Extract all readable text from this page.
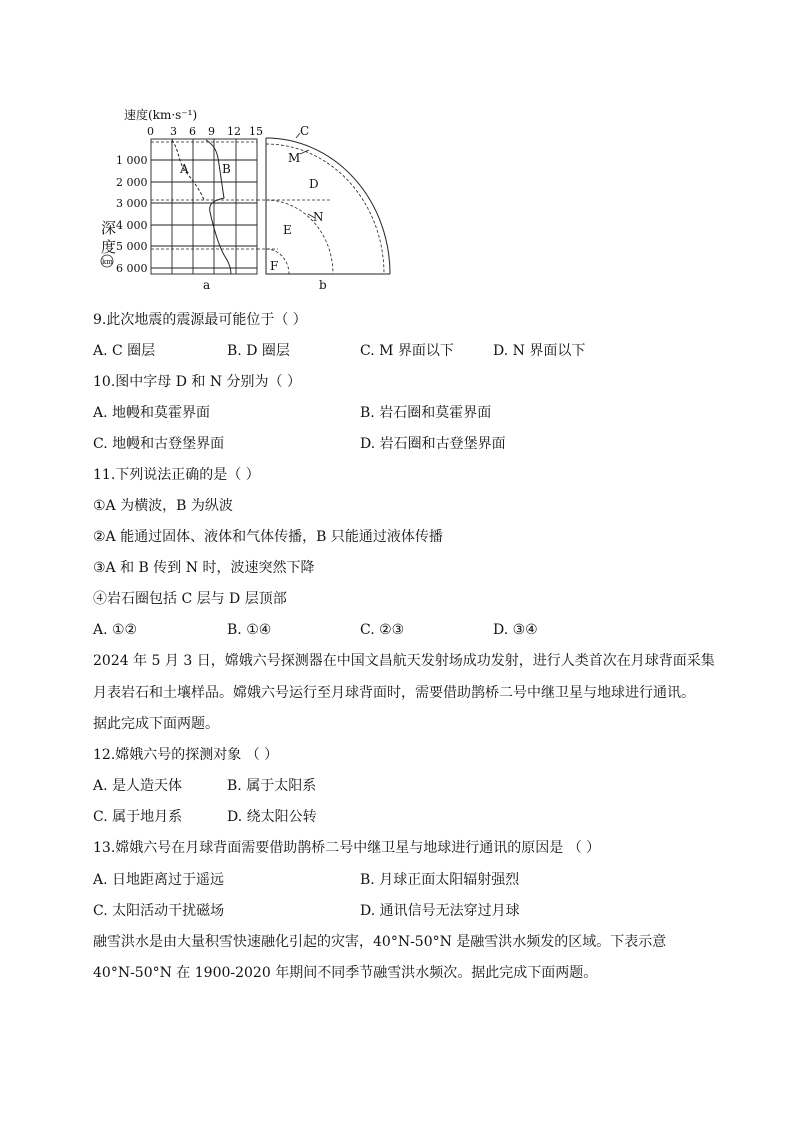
速度(km·s⁻¹)
0 3 6 9 12 15
A	B
1 000
2 000
3 000
4 000
5 000
6 000
深
度
km
a
C
M
D
N
E
F
b
9.此次地震的震源最可能位于（ ）
A. C 圈层	B. D 圈层	C. M 界面以下	D. N 界面以下
10.图中字母 D 和 N 分别为（ ）
A. 地幔和莫霍界面	B. 岩石圈和莫霍界面
C. 地幔和古登堡界面	D. 岩石圈和古登堡界面
11.下列说法正确的是（ ）
①A 为横波，B 为纵波
②A 能通过固体、液体和气体传播，B 只能通过液体传播
③A 和 B 传到 N 时，波速突然下降
④岩石圈包括 C 层与 D 层顶部
A. ①②	B. ①④	C. ②③	D. ③④
2024 年 5 月 3 日，嫦娥六号探测器在中国文昌航天发射场成功发射，进行人类首次在月球背面采集
月表岩石和土壤样品。嫦娥六号运行至月球背面时，需要借助鹊桥二号中继卫星与地球进行通讯。
据此完成下面两题。
12.嫦娥六号的探测对象 （ ）
A. 是人造天体	B. 属于太阳系
C. 属于地月系	D. 绕太阳公转
13.嫦娥六号在月球背面需要借助鹊桥二号中继卫星与地球进行通讯的原因是 （ ）
A. 日地距离过于遥远	B. 月球正面太阳辐射强烈
C. 太阳活动干扰磁场	D. 通讯信号无法穿过月球
融雪洪水是由大量积雪快速融化引起的灾害，40°N-50°N 是融雪洪水频发的区域。下表示意
40°N-50°N 在 1900-2020 年期间不同季节融雪洪水频次。据此完成下面两题。
